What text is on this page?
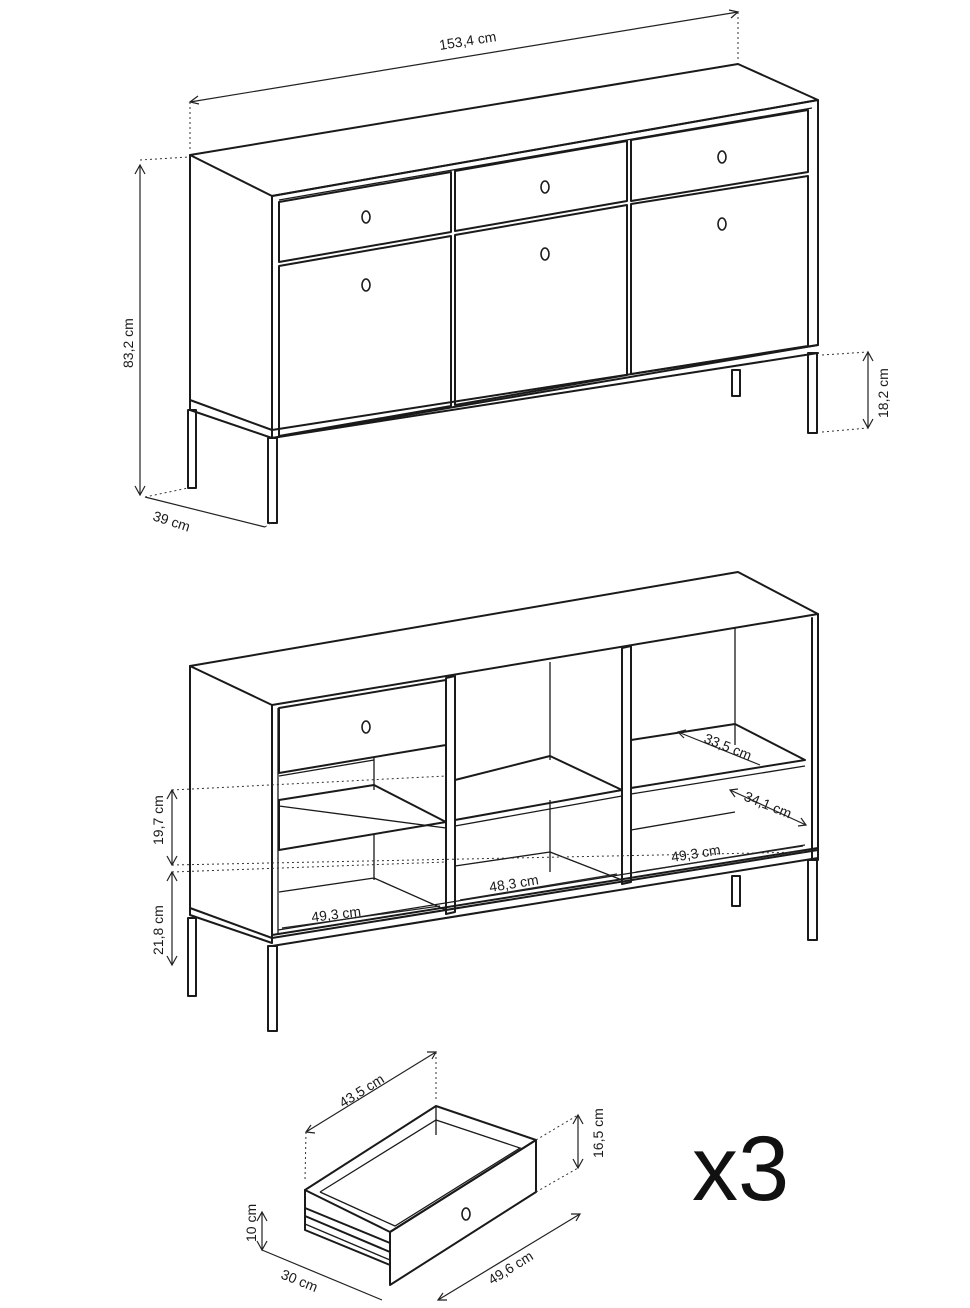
153,4 cm
83,2 cm
39 cm
18,2 cm
19,7 cm
21,8 cm	49,3 cm
48,3 cm
49,3 cm
33,5 cm
34,1 cm
43,5 cm
16,5 cm
10 cm
30 cm	49,6 cm
x3
